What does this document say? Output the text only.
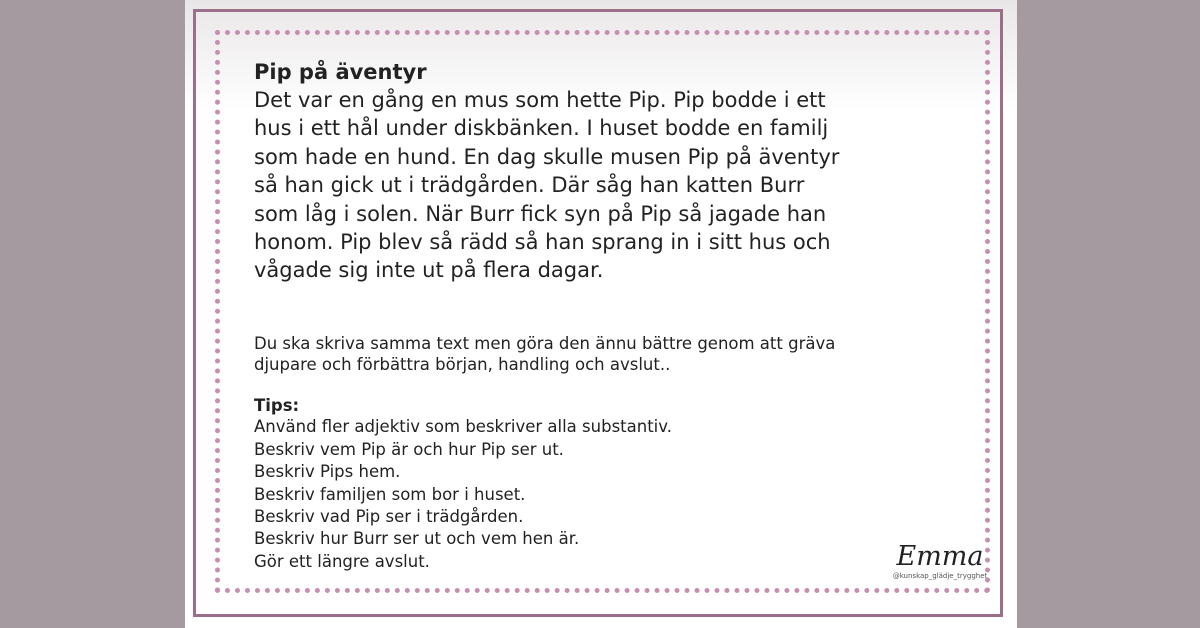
Pip på äventyr

Det var en gång en mus som hette Pip. Pip bodde i ett
hus i ett hål under diskbänken. I huset bodde en familj
som hade en hund. En dag skulle musen Pip på äventyr
så han gick ut i trädgården. Där såg han katten Burr
som låg i solen. När Burr fick syn på Pip så jagade han
honom. Pip blev så rädd så han sprang in i sitt hus och
vågade sig inte ut på flera dagar.

Du ska skriva samma text men göra den ännu bättre genom att gräva
djupare och förbättra början, handling och avslut..

Tips:

Använd fler adjektiv som beskriver alla substantiv.
Beskriv vem Pip är och hur Pip ser ut.
Beskriv Pips hem.
Beskriv familjen som bor i huset.
Beskriv vad Pip ser i trädgården.
Beskriv hur Burr ser ut och vem hen är.
Gör ett längre avslut.	Emma
@kunskap_glädje_trygghet
